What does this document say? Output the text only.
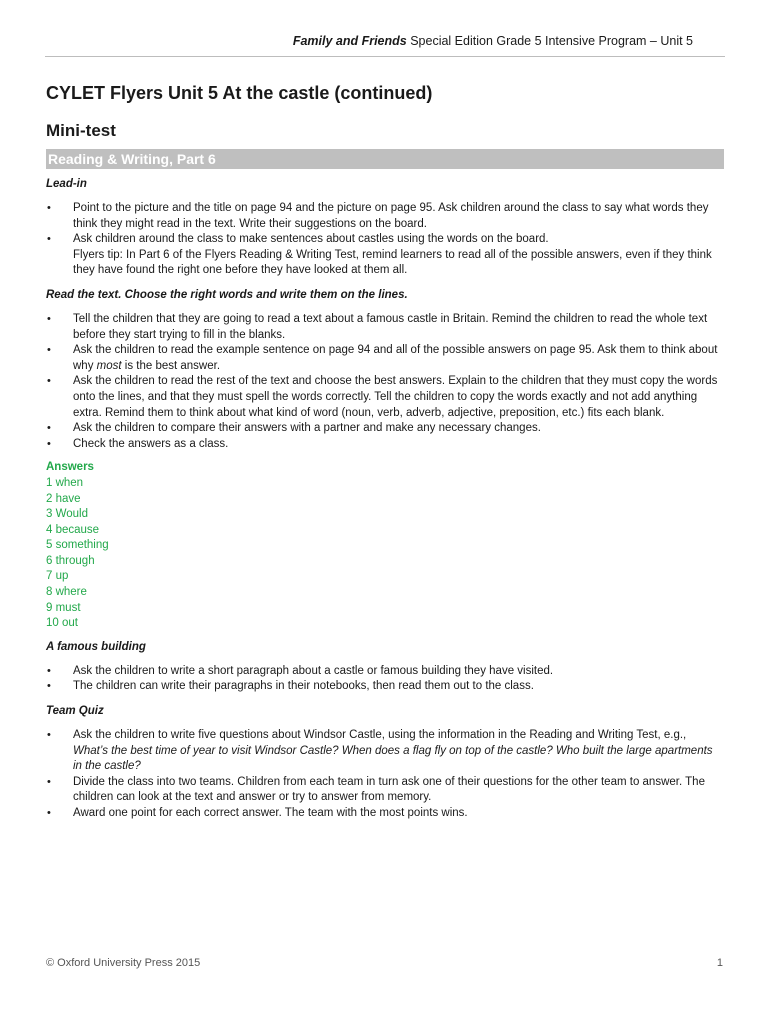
Family and Friends Special Edition Grade 5 Intensive Program – Unit 5
CYLET Flyers Unit 5 At the castle (continued)
Mini-test
Reading & Writing, Part 6
Lead-in
• Point to the picture and the title on page 94 and the picture on page 95. Ask children around the class to say what words they think they might read in the text. Write their suggestions on the board.
• Ask children around the class to make sentences about castles using the words on the board.
Flyers tip: In Part 6 of the Flyers Reading & Writing Test, remind learners to read all of the possible answers, even if they think they have found the right one before they have looked at them all.
Read the text. Choose the right words and write them on the lines.
• Tell the children that they are going to read a text about a famous castle in Britain. Remind the children to read the whole text before they start trying to fill in the blanks.
• Ask the children to read the example sentence on page 94 and all of the possible answers on page 95. Ask them to think about why most is the best answer.
• Ask the children to read the rest of the text and choose the best answers. Explain to the children that they must copy the words onto the lines, and that they must spell the words correctly. Tell the children to copy the words exactly and not add anything extra. Remind them to think about what kind of word (noun, verb, adverb, adjective, preposition, etc.) fits each blank.
• Ask the children to compare their answers with a partner and make any necessary changes.
• Check the answers as a class.
Answers
1 when
2 have
3 Would
4 because
5 something
6 through
7 up
8 where
9 must
10 out
A famous building
• Ask the children to write a short paragraph about a castle or famous building they have visited.
• The children can write their paragraphs in their notebooks, then read them out to the class.
Team Quiz
• Ask the children to write five questions about Windsor Castle, using the information in the Reading and Writing Test, e.g., What’s the best time of year to visit Windsor Castle? When does a flag fly on top of the castle? Who built the large apartments in the castle?
• Divide the class into two teams. Children from each team in turn ask one of their questions for the other team to answer. The children can look at the text and answer or try to answer from memory.
• Award one point for each correct answer. The team with the most points wins.
© Oxford University Press 2015	1
